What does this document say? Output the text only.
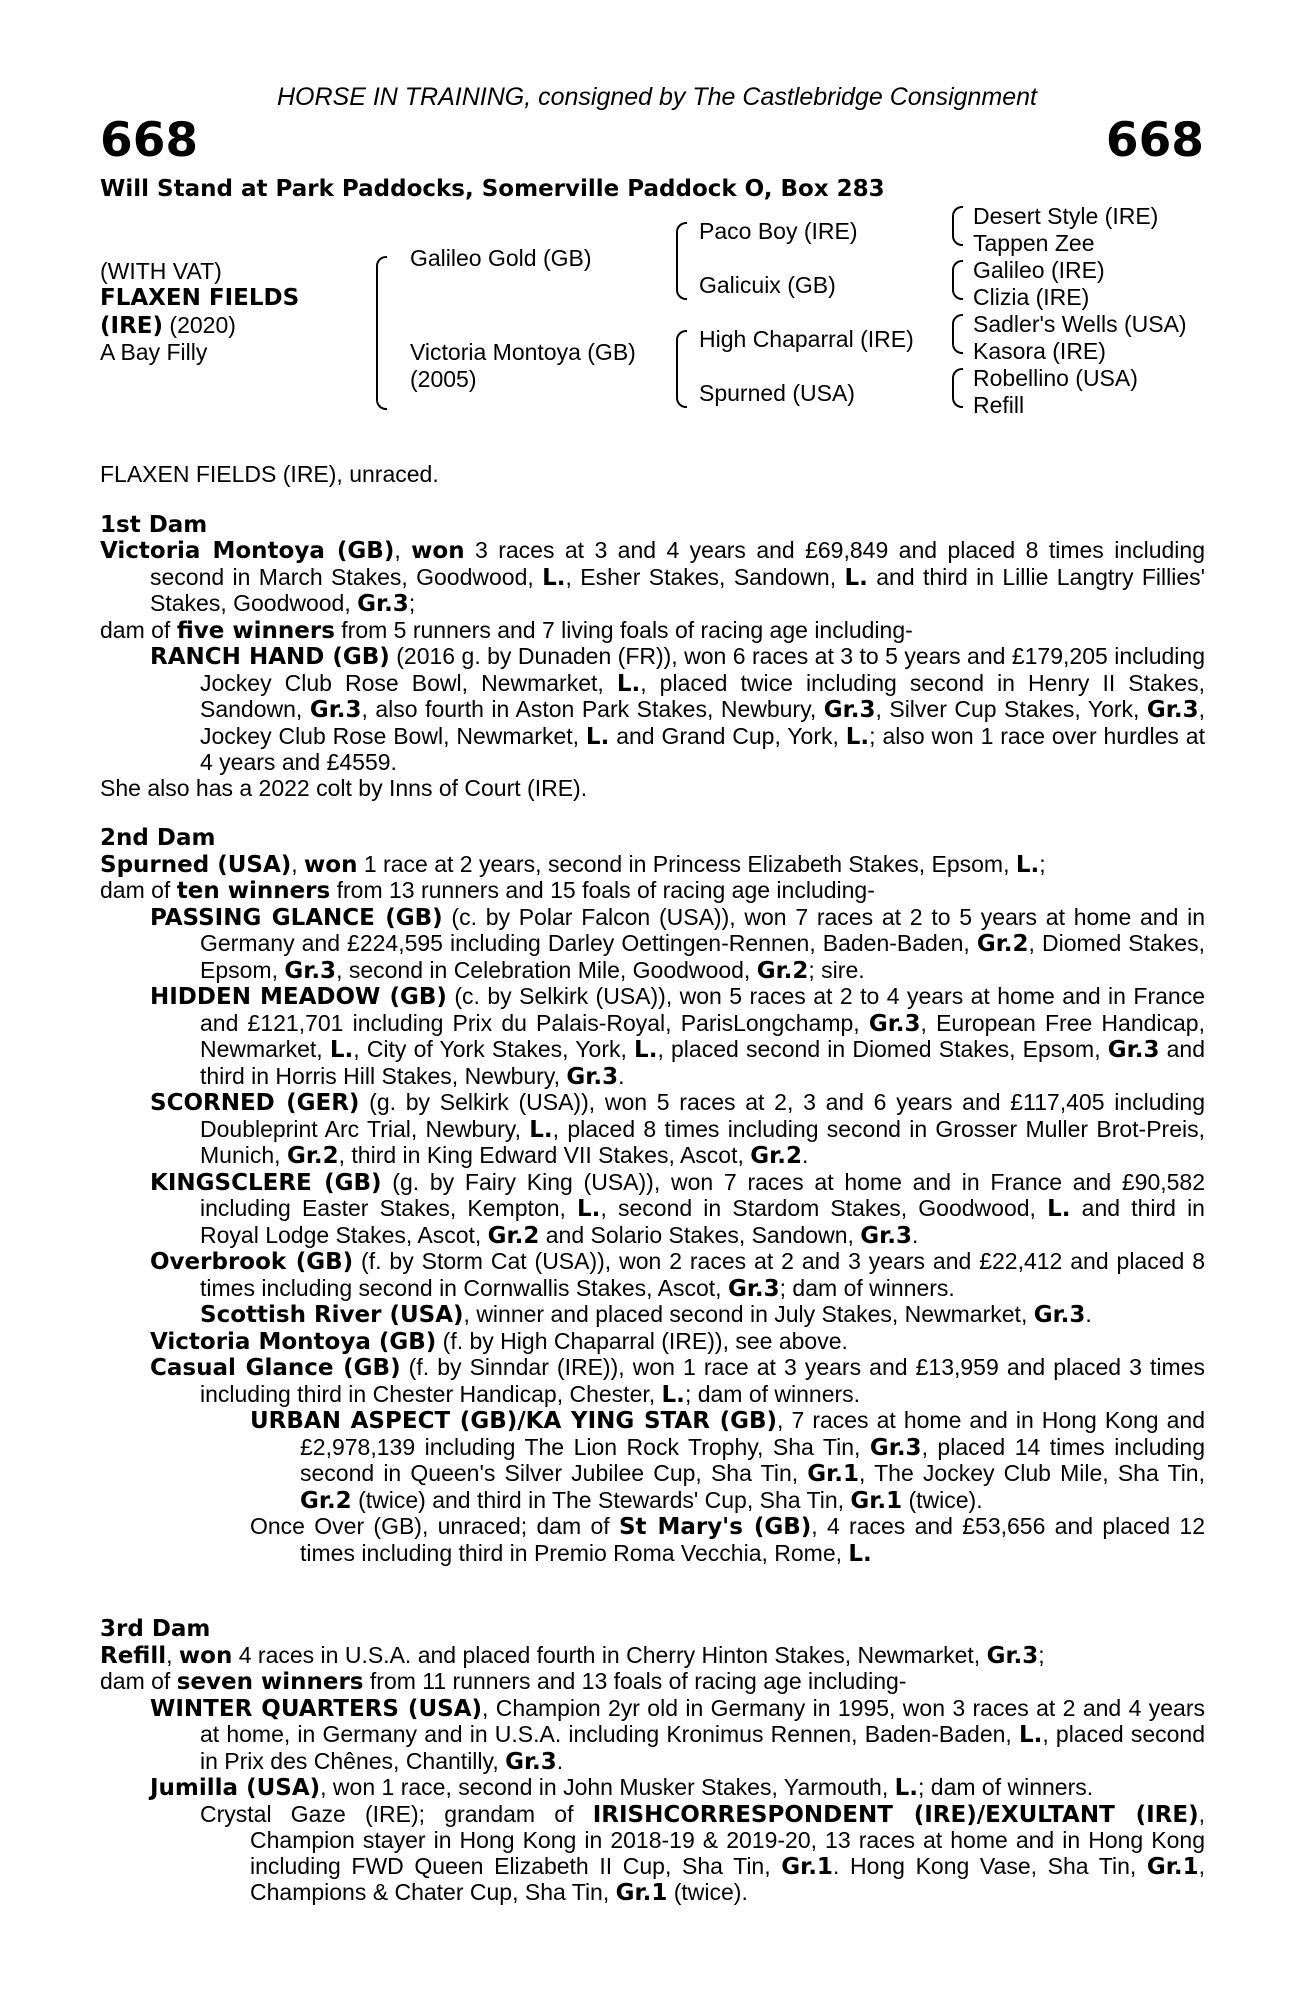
HORSE IN TRAINING, consigned by The Castlebridge Consignment
668	668
Will Stand at Park Paddocks, Somerville Paddock O, Box 283
(WITH VAT)
FLAXEN FIELDS
(IRE) (2020)
A Bay Filly
Galileo Gold (GB)
Victoria Montoya (GB)
(2005)
Paco Boy (IRE)
Galicuix (GB)
High Chaparral (IRE)
Spurned (USA)
Desert Style (IRE)
Tappen Zee
Galileo (IRE)
Clizia (IRE)
Sadler's Wells (USA)
Kasora (IRE)
Robellino (USA)
Refill

FLAXEN FIELDS (IRE), unraced.

1st Dam

Victoria Montoya (GB), won 3 races at 3 and 4 years and £69,849 and placed 8 times including second in March Stakes, Goodwood, L., Esher Stakes, Sandown, L. and third in Lillie Langtry Fillies' Stakes, Goodwood, Gr.3;

dam of five winners from 5 runners and 7 living foals of racing age including-

RANCH HAND (GB) (2016 g. by Dunaden (FR)), won 6 races at 3 to 5 years and £179,205 including Jockey Club Rose Bowl, Newmarket, L., placed twice including second in Henry II Stakes, Sandown, Gr.3, also fourth in Aston Park Stakes, Newbury, Gr.3, Silver Cup Stakes, York, Gr.3, Jockey Club Rose Bowl, Newmarket, L. and Grand Cup, York, L.; also won 1 race over hurdles at 4 years and £4559.

She also has a 2022 colt by Inns of Court (IRE).

2nd Dam

Spurned (USA), won 1 race at 2 years, second in Princess Elizabeth Stakes, Epsom, L.;

dam of ten winners from 13 runners and 15 foals of racing age including-

PASSING GLANCE (GB) (c. by Polar Falcon (USA)), won 7 races at 2 to 5 years at home and in Germany and £224,595 including Darley Oettingen-Rennen, Baden-Baden, Gr.2, Diomed Stakes, Epsom, Gr.3, second in Celebration Mile, Goodwood, Gr.2; sire.

HIDDEN MEADOW (GB) (c. by Selkirk (USA)), won 5 races at 2 to 4 years at home and in France and £121,701 including Prix du Palais-Royal, ParisLongchamp, Gr.3, European Free Handicap, Newmarket, L., City of York Stakes, York, L., placed second in Diomed Stakes, Epsom, Gr.3 and third in Horris Hill Stakes, Newbury, Gr.3.

SCORNED (GER) (g. by Selkirk (USA)), won 5 races at 2, 3 and 6 years and £117,405 including Doubleprint Arc Trial, Newbury, L., placed 8 times including second in Grosser Muller Brot-Preis, Munich, Gr.2, third in King Edward VII Stakes, Ascot, Gr.2.

KINGSCLERE (GB) (g. by Fairy King (USA)), won 7 races at home and in France and £90,582 including Easter Stakes, Kempton, L., second in Stardom Stakes, Goodwood, L. and third in Royal Lodge Stakes, Ascot, Gr.2 and Solario Stakes, Sandown, Gr.3.

Overbrook (GB) (f. by Storm Cat (USA)), won 2 races at 2 and 3 years and £22,412 and placed 8 times including second in Cornwallis Stakes, Ascot, Gr.3; dam of winners.

Scottish River (USA), winner and placed second in July Stakes, Newmarket, Gr.3.

Victoria Montoya (GB) (f. by High Chaparral (IRE)), see above.

Casual Glance (GB) (f. by Sinndar (IRE)), won 1 race at 3 years and £13,959 and placed 3 times including third in Chester Handicap, Chester, L.; dam of winners.

URBAN ASPECT (GB)/KA YING STAR (GB), 7 races at home and in Hong Kong and £2,978,139 including The Lion Rock Trophy, Sha Tin, Gr.3, placed 14 times including second in Queen's Silver Jubilee Cup, Sha Tin, Gr.1, The Jockey Club Mile, Sha Tin, Gr.2 (twice) and third in The Stewards' Cup, Sha Tin, Gr.1 (twice).

Once Over (GB), unraced; dam of St Mary's (GB), 4 races and £53,656 and placed 12 times including third in Premio Roma Vecchia, Rome, L.

3rd Dam

Refill, won 4 races in U.S.A. and placed fourth in Cherry Hinton Stakes, Newmarket, Gr.3;

dam of seven winners from 11 runners and 13 foals of racing age including-

WINTER QUARTERS (USA), Champion 2yr old in Germany in 1995, won 3 races at 2 and 4 years at home, in Germany and in U.S.A. including Kronimus Rennen, Baden-Baden, L., placed second in Prix des Chênes, Chantilly, Gr.3.

Jumilla (USA), won 1 race, second in John Musker Stakes, Yarmouth, L.; dam of winners.

Crystal Gaze (IRE); grandam of IRISHCORRESPONDENT (IRE)/EXULTANT (IRE), Champion stayer in Hong Kong in 2018-19 & 2019-20, 13 races at home and in Hong Kong including FWD Queen Elizabeth II Cup, Sha Tin, Gr.1. Hong Kong Vase, Sha Tin, Gr.1, Champions & Chater Cup, Sha Tin, Gr.1 (twice).
